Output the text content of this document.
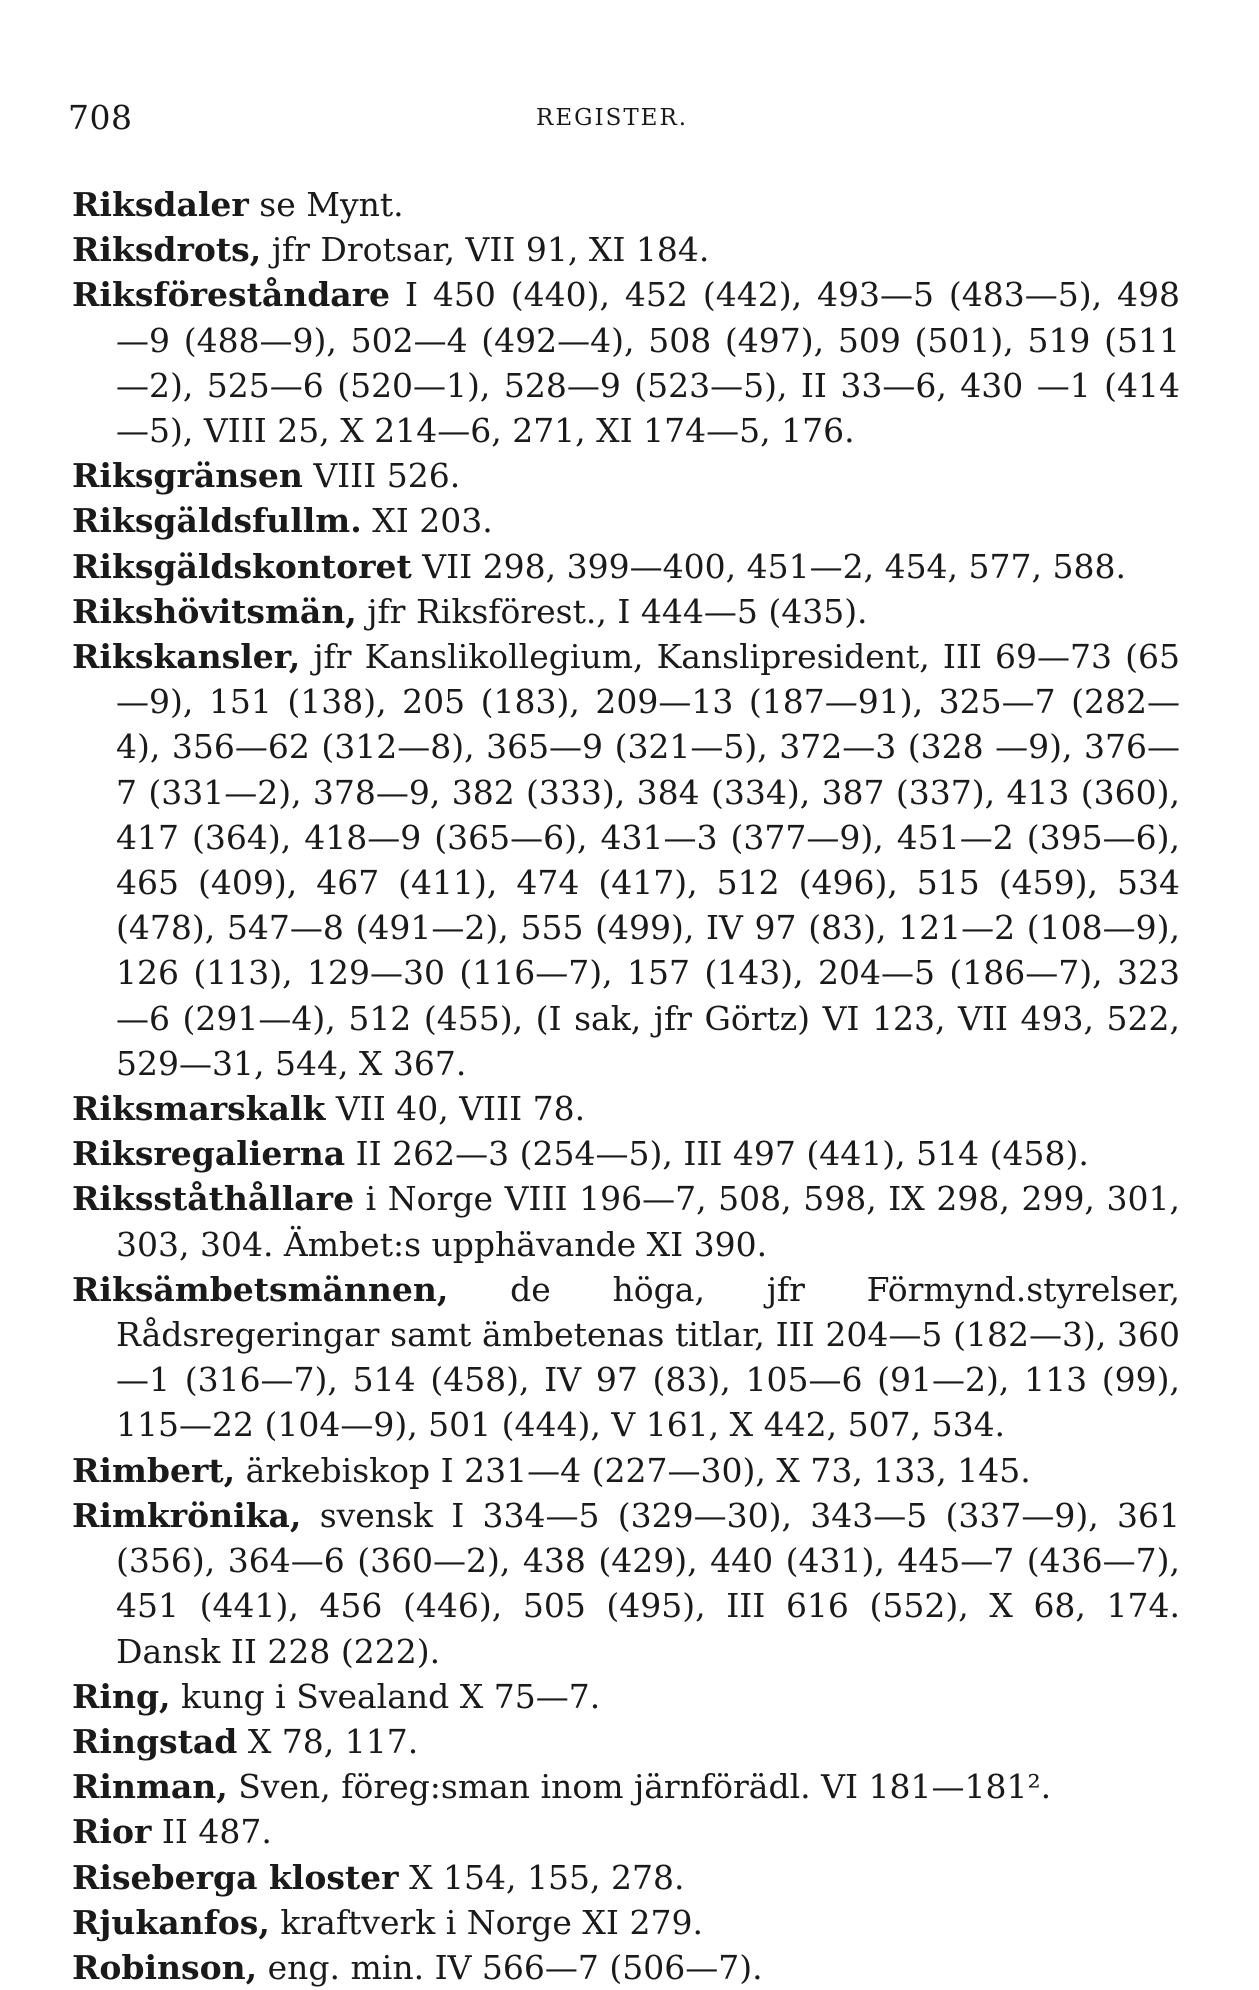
708	REGISTER.
Riksdaler se Mynt.
Riksdrots, jfr Drotsar, VII 91, XI 184.
Riksföreståndare I 450 (440), 452 (442), 493—5 (483—5), 498 —9 (488—9), 502—4 (492—4), 508 (497), 509 (501), 519 (511—2), 525—6 (520—1), 528—9 (523—5), II 33—6, 430 —1 (414—5), VIII 25, X 214—6, 271, XI 174—5, 176.
Riksgränsen VIII 526.
Riksgäldsfullm. XI 203.
Riksgäldskontoret VII 298, 399—400, 451—2, 454, 577, 588.
Rikshövitsmän, jfr Riksförest., I 444—5 (435).
Rikskansler, jfr Kanslikollegium, Kanslipresident, III 69—73 (65—9), 151 (138), 205 (183), 209—13 (187—91), 325—7 (282—4), 356—62 (312—8), 365—9 (321—5), 372—3 (328 —9), 376—7 (331—2), 378—9, 382 (333), 384 (334), 387 (337), 413 (360), 417 (364), 418—9 (365—6), 431—3 (377—9), 451—2 (395—6), 465 (409), 467 (411), 474 (417), 512 (496), 515 (459), 534 (478), 547—8 (491—2), 555 (499), IV 97 (83), 121—2 (108—9), 126 (113), 129—30 (116—7), 157 (143), 204—5 (186—7), 323—6 (291—4), 512 (455), (I sak, jfr Görtz) VI 123, VII 493, 522, 529—31, 544, X 367.
Riksmarskalk VII 40, VIII 78.
Riksregalierna II 262—3 (254—5), III 497 (441), 514 (458).
Riksståthållare i Norge VIII 196—7, 508, 598, IX 298, 299, 301, 303, 304. Ämbet:s upphävande XI 390.
Riksämbetsmännen, de höga, jfr Förmynd.styrelser, Rådsregeringar samt ämbetenas titlar, III 204—5 (182—3), 360—1 (316—7), 514 (458), IV 97 (83), 105—6 (91—2), 113 (99), 115—22 (104—9), 501 (444), V 161, X 442, 507, 534.
Rimbert, ärkebiskop I 231—4 (227—30), X 73, 133, 145.
Rimkrönika, svensk I 334—5 (329—30), 343—5 (337—9), 361 (356), 364—6 (360—2), 438 (429), 440 (431), 445—7 (436—7), 451 (441), 456 (446), 505 (495), III 616 (552), X 68, 174. Dansk II 228 (222).
Ring, kung i Svealand X 75—7.
Ringstad X 78, 117.
Rinman, Sven, föreg:sman inom järnförädl. VI 181—181².
Rior II 487.
Riseberga kloster X 154, 155, 278.
Rjukanfos, kraftverk i Norge XI 279.
Robinson, eng. min. IV 566—7 (506—7).
